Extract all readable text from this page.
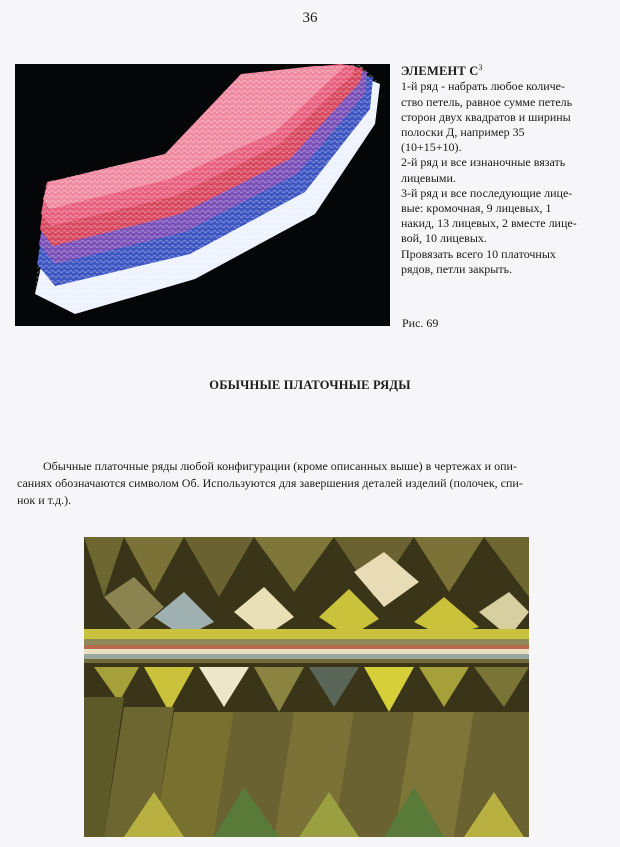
36
ЭЛЕМЕНТ $С^3$

1-й ряд - набрать любое количе-
ство петель, равное сумме петель
сторон двух квадратов и ширины
полоски Д, например 35
(10+15+10).

2-й ряд и все изнаночные вязать
лицевыми.

3-й ряд и все последующие лице-
вые: кромочная, 9 лицевых, 1
накид, 13 лицевых, 2 вместе лице-
вой, 10 лицевых.

Провязать всего 10 платочных
рядов, петли закрыть.

Рис. 69
ОБЫЧНЫЕ ПЛАТОЧНЫЕ РЯДЫ
Обычные платочные ряды любой конфигурации (кроме описанных выше) в чертежах и опи-
саниях обозначаются символом Об. Используются для завершения деталей изделий (полочек, спи-
нок и т.д.).
